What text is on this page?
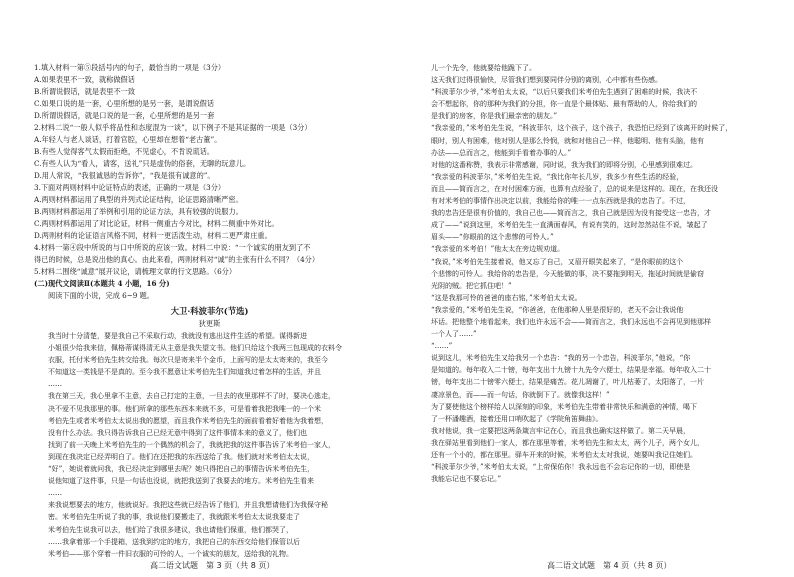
1.填入材料一第⑤段括号内的句子，最恰当的一项是（3分）
A.如果表里不一致，就称做假话
B.所谓说假话，就是表里不一致
C.如果口说的是一套，心里所想的是另一套，是谓说假话
D.所谓说假话，就是口说的是一套，心里所想的是另一套
2.材料二说“一般人似乎将品性和态度混为一谈”，以下例子不是其证据的一项是（3分）
A.年轻人与老人谈话，打着官腔，心里却在想着“老古董”。
B.有些人觉得客气太假而拒绝，不见虚心，不肯说谎话。
C.有些人认为“看人，请客，送礼”只是虚伪的俗套，无聊的玩意儿。
D.用人常说，“我很诚恳的告诉你”，“我是很有诚意的”。
3.下面对两则材料中论证特点的表述，正确的一项是（3分）
A.两则材料都运用了典型的并列式论证结构，论证思路清晰严密。
B.两则材料都运用了举例和引用的论证方法，具有较强的说服力。
C.两则材料都运用了对比论证，材料一侧重古今对比，材料二侧重中外对比。
D.两则材料的论证语言风格不同，材料一更活泼生动，材料二更严肃庄重。
4.材料一第④段中所说的与口中所说的应该一致。材料二中说：“一个诚实的朋友到了不
得已的时候，总是说出他的真心。由此来看，两则材料对“诚”的主张有什么不同？（4分）
5.材料二围绕“诚意”展开议论，请梳理文章的行文思路。（6分）
(二)现代文阅读Ⅱ(本题共 4 小题，16 分)
阅读下面的小说，完成 6~9 题。
大卫·科波菲尔(节选)
狄更斯
我当时十分清楚，要是我自己不采取行动，我就没有逃出这件生活的希望。谋得新进
小姐很少给我来信，佩格蒂谋得清无从主意是我失望文书。他们只给这个我两三包现成的衣料令
衣服，托付米考伯先生转交给我。每次只是寄来半个金币，上面写的是太太寄来的，我至今
不知道这一类钱是不是真的。至今我不愿意让米考伯先生们知道我过着怎样的生活，并且
……
我在第三天，我心里拿不主意，去自己打定的主意，一旦去的夜里那样不了时，要决心逃走，
决不爱不见我那里的事。他们所拿的那些东西本来就不多，可是看着我把我唯一的一个米
考伯先生或者米考伯太太说出我的愿望，而且我作米考伯先生的面前看着好着他为我着想，
没有什么办法。我只得告诉我自己已经无意中得到了这件事情本来的意义了，他们也
找到了前一天晚上米考伯先生的一个偶然的机会了，我就把我的这件事告诉了米考伯一家人，
到现在我决定已经弄明白了。他们在还把我的东西送给了我。他们就对米考伯太太说，
“好”，她说着就问我，我已经决定到哪里去呢？她只得把自己的事情告诉米考伯先生，
说他知道了这件事，只是一句话也没说，就把我送到了我要去的地方。米考伯先生看来
……
来我说想要去的地方，他就说好。我把这些就已经告诉了他们，并且我想请他们为我保守秘
密。米考伯先生听说了我的事，我说他们要搬走了，我就跟米考伯太太说我要走了
米考伯先生说我可以去，他们给了我很多建议，我也请他们保重，他们都哭了，
……我拿着那一个手提箱，送我到约定的地方，我把自己的东西交给他们保管以后
米考伯——那个穿着一件旧衣服的可怜的人，一个诚实的朋友，送给我的礼物。
儿一个先令，他就要给他跪下了。
这天我们过得很愉快，尽管我们想到要同伴分别的离别，心中都有些伤感。
“科波菲尔少爷，”米考伯太太说，“以后只要我们米考伯先生遇到了困难的时候，我决不
会不想起你，你的那种为我们的分担，你一直是个最体贴、最有帮助的人，你给我们的
是我们的房客，你是我们最亲密的朋友。”
“我亲爱的，”米考伯先生说，“科波菲尔，这个孩子，这个孩子，我恐怕已经到了该离开的时候了，
眼时，别人有困难，他对别人是那么怜悯，就和对他自己一样，他聪明、他有头脑，他有
办法——总而言之，他能到手看着办事的人。”
对他的这番称赞，我表示非常感谢，同时说，我为我们的即将分别，心里感到很难过。
“我亲爱的科波菲尔，”米考伯先生说，“我比你年长几岁，我多少有些生活的经验，
而且——简而言之，在对付困难方面，也算有点经验了，总的说来是这样的。现在，在我还没
有对米考伯的事情作出决定以前，我能给你的唯一一点东西就是我的忠告了。不过，
我的忠告还是很有价值的，我自己也——简而言之，我自己就是因为没有接受这一忠告，才
成了——”说到这里，米考伯先生一直满面春风，有说有笑的，这时忽然站住不说，皱起了
眉头——“你眼前的这个悲惨的可怜人。”
“我亲爱的米考伯！”他太太在旁边规劝道。
“我说，”米考伯先生接着说，他又忘了自己，又眉开眼笑起来了，“是你眼前的这个
个悲惨的可怜人。我给你的忠告是，今天能做的事，决不要拖到明天，拖延时间就是偷窃
光阴的贼。把它抓住吧！”
“这是我那可怜的爸爸的座右铭，”米考伯太太说。
“我亲爱的，”米考伯先生说，“你爸爸，在他那种人里是很好的，老天不会让我说他
坏话。把他整个地看起来，我们也许永远不会——简而言之，我们永远也不会再见到他那样
一个人了……”
“……”
说到这儿，米考伯先生又给我另一个忠告：“我的另一个忠告，科波菲尔，”他说，“你
是知道的。每年收入二十镑，每年支出十九镑十九先令六便士，结果是幸福。每年收入二十
镑，每年支出二十镑零六便士，结果是痛苦。花儿凋谢了，叶儿枯萎了，太阳落了，一片
凄凉景色，而——而一句话，你就倒下了。就像我这样！”
为了要使他这个榜样给人以深刻的印象，米考伯先生带着非常快乐和满意的神情，喝下
了一杯潘趣酒，接着还用口哨吹起了《学院角笛舞曲》。
我对他说，我一定要把这两条箴言牢记在心，而且我也确实这样做了。第二天早晨，
我在驿站里看到他们一家人，都在那里等着，米考伯先生和太太，两个儿子，两个女儿，
还有一个小的，都在那里。驿车开来的时候，米考伯太太对我说，她要叫我记住她们。
“科波菲尔少爷，”米考伯太太说，“上帝保佑你！我永远也不会忘记你的一切，即使是
我能忘记也不要忘记。”
高二语文试题　第 3 页（共 8 页）	高二语文试题　第 4 页（共 8 页）
